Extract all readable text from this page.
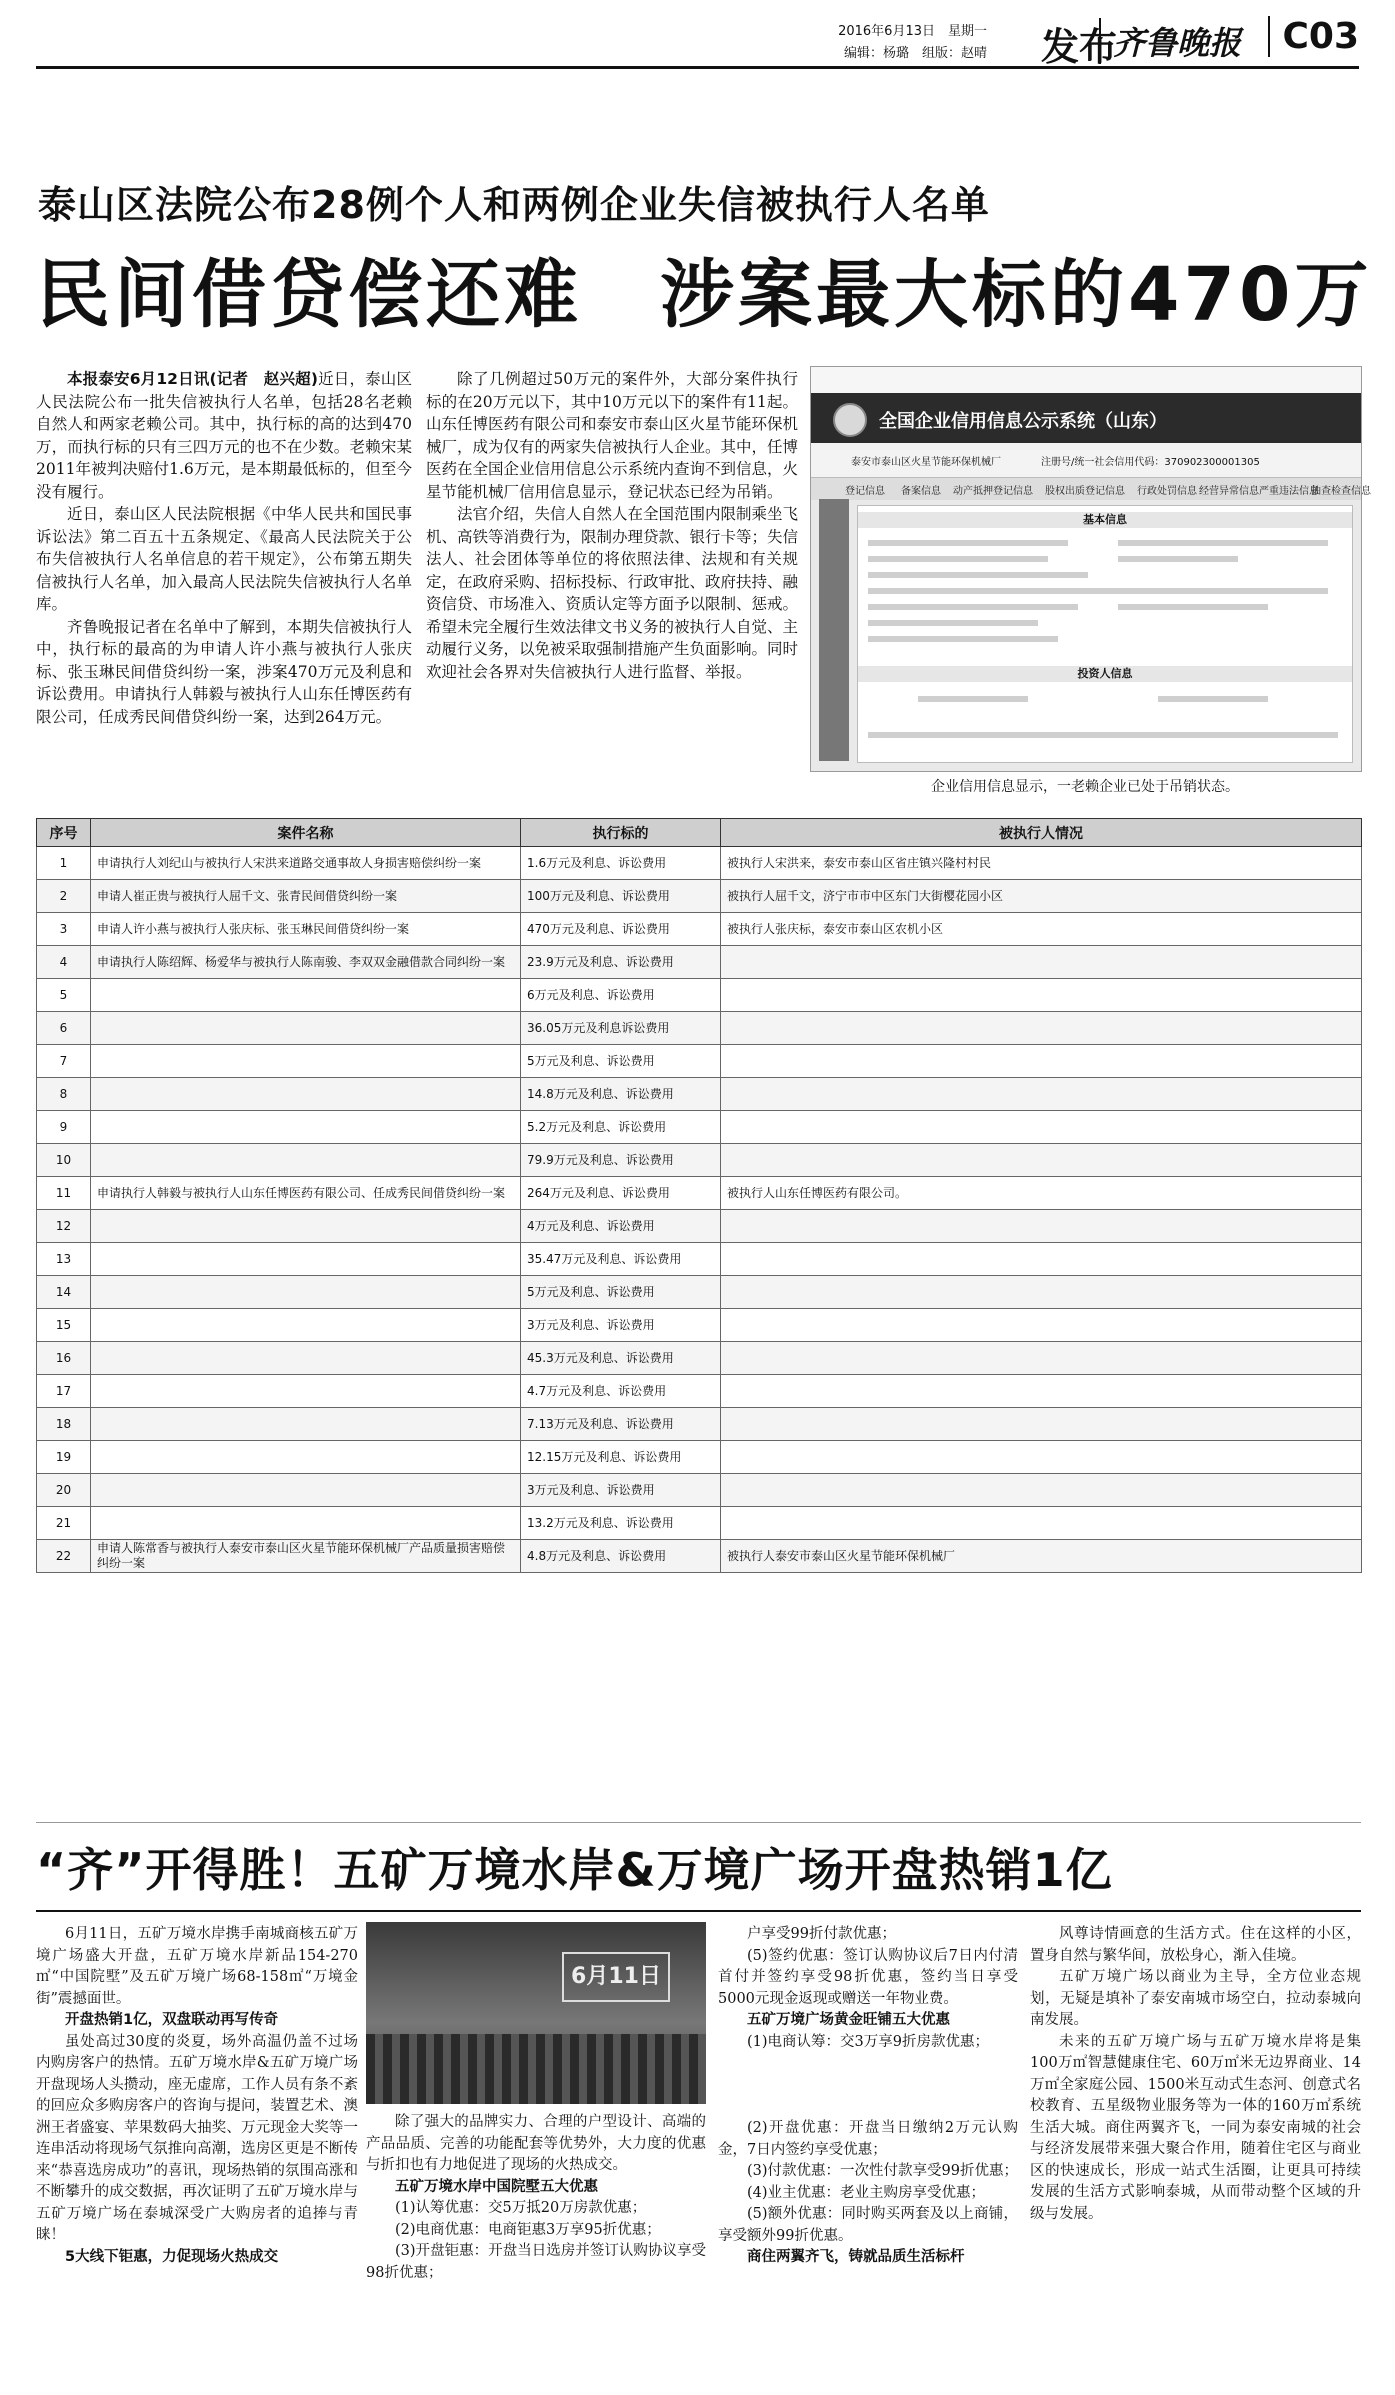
2016年6月13日　星期一
编辑：杨璐　组版：赵晴 发布
齐鲁晚报	C03
泰山区法院公布28例个人和两例企业失信被执行人名单
民间借贷偿还难　涉案最大标的470万

本报泰安6月12日讯(记者　赵兴超)近日，泰山区人民法院公布一批失信被执行人名单，包括28名老赖自然人和两家老赖公司。其中，执行标的高的达到470万，而执行标的只有三四万元的也不在少数。老赖宋某2011年被判决赔付1.6万元，是本期最低标的，但至今没有履行。

近日，泰山区人民法院根据《中华人民共和国民事诉讼法》第二百五十五条规定、《最高人民法院关于公布失信被执行人名单信息的若干规定》，公布第五期失信被执行人名单，加入最高人民法院失信被执行人名单库。

齐鲁晚报记者在名单中了解到，本期失信被执行人中，执行标的最高的为申请人许小燕与被执行人张庆标、张玉琳民间借贷纠纷一案，涉案470万元及利息和诉讼费用。申请执行人韩毅与被执行人山东任博医药有限公司，任成秀民间借贷纠纷一案，达到264万元。

除了几例超过50万元的案件外，大部分案件执行标的在20万元以下，其中10万元以下的案件有11起。山东任博医药有限公司和泰安市泰山区火星节能环保机械厂，成为仅有的两家失信被执行人企业。其中，任博医药在全国企业信用信息公示系统内查询不到信息，火星节能机械厂信用信息显示，登记状态已经为吊销。

法官介绍，失信人自然人在全国范围内限制乘坐飞机、高铁等消费行为，限制办理贷款、银行卡等；失信法人、社会团体等单位的将依照法律、法规和有关规定，在政府采购、招标投标、行政审批、政府扶持、融资信贷、市场准入、资质认定等方面予以限制、惩戒。希望未完全履行生效法律文书义务的被执行人自觉、主动履行义务，以免被采取强制措施产生负面影响。同时欢迎社会各界对失信被执行人进行监督、举报。

全国企业信用信息公示系统（山东）
泰安市泰山区火星节能环保机械厂	注册号/统一社会信用代码：370902300001305
登记信息 备案信息 动产抵押登记信息 股权出质登记信息 行政处罚信息 经营异常信息 严重违法信息
抽查检查信息
基本信息
投资人信息
企业信用信息显示，一老赖企业已处于吊销状态。
序号	案件名称	执行标的	被执行人情况
1	申请执行人刘纪山与被执行人宋洪来道路交通事故人身损害赔偿纠纷一案	1.6万元及利息、诉讼费用	被执行人宋洪来，泰安市泰山区省庄镇兴隆村村民
2	申请人崔正贵与被执行人屈千文、张青民间借贷纠纷一案	100万元及利息、诉讼费用	被执行人屈千文，济宁市市中区东门大街樱花园小区
3	申请人许小燕与被执行人张庆标、张玉琳民间借贷纠纷一案	470万元及利息、诉讼费用	被执行人张庆标，泰安市泰山区农机小区
4	申请执行人陈绍辉、杨爱华与被执行人陈南骏、李双双金融借款合同纠纷一案	23.9万元及利息、诉讼费用	
5		6万元及利息、诉讼费用	
6		36.05万元及利息诉讼费用	
7		5万元及利息、诉讼费用	
8		14.8万元及利息、诉讼费用	
9		5.2万元及利息、诉讼费用	
10		79.9万元及利息、诉讼费用	
11	申请执行人韩毅与被执行人山东任博医药有限公司、任成秀民间借贷纠纷一案	264万元及利息、诉讼费用	被执行人山东任博医药有限公司。
12		4万元及利息、诉讼费用	
13		35.47万元及利息、诉讼费用	
14		5万元及利息、诉讼费用	
15		3万元及利息、诉讼费用	
16		45.3万元及利息、诉讼费用	
17		4.7万元及利息、诉讼费用	
18		7.13万元及利息、诉讼费用	
19		12.15万元及利息、诉讼费用	
20		3万元及利息、诉讼费用	
21		13.2万元及利息、诉讼费用	
22	申请人陈常香与被执行人泰安市泰山区火星节能环保机械厂产品质量损害赔偿纠纷一案	4.8万元及利息、诉讼费用	被执行人泰安市泰山区火星节能环保机械厂
“齐”开得胜！五矿万境水岸&万境广场开盘热销1亿

6月11日，五矿万境水岸携手南城商核五矿万境广场盛大开盘，五矿万境水岸新品154-270㎡“中国院墅”及五矿万境广场68-158㎡“万境金街”震撼面世。

开盘热销1亿，双盘联动再写传奇

虽处高过30度的炎夏，场外高温仍盖不过场内购房客户的热情。五矿万境水岸&五矿万境广场开盘现场人头攒动，座无虚席，工作人员有条不紊的回应众多购房客户的咨询与提问，装置艺术、澳洲王者盛宴、苹果数码大抽奖、万元现金大奖等一连串活动将现场气氛推向高潮，选房区更是不断传来“恭喜选房成功”的喜讯，现场热销的氛围高涨和不断攀升的成交数据，再次证明了五矿万境水岸与五矿万境广场在泰城深受广大购房者的追捧与青睐！

5大线下钜惠，力促现场火热成交

6月11日

除了强大的品牌实力、合理的户型设计、高端的产品品质、完善的功能配套等优势外，大力度的优惠与折扣也有力地促进了现场的火热成交。

五矿万境水岸中国院墅五大优惠

(1)认筹优惠：交5万抵20万房款优惠；

(2)电商优惠：电商钜惠3万享95折优惠；

(3)开盘钜惠：开盘当日选房并签订认购协议享受98折优惠；

户享受99折付款优惠；

(5)签约优惠：签订认购协议后7日内付清首付并签约享受98折优惠，签约当日享受5000元现金返现或赠送一年物业费。

五矿万境广场黄金旺铺五大优惠

(1)电商认筹：交3万享9折房款优惠；

(2)开盘优惠：开盘当日缴纳2万元认购金，7日内签约享受优惠；

(3)付款优惠：一次性付款享受99折优惠；

(4)业主优惠：老业主购房享受优惠；

(5)额外优惠：同时购买两套及以上商铺，享受额外99折优惠。

商住两翼齐飞，铸就品质生活标杆

风尊诗情画意的生活方式。住在这样的小区，置身自然与繁华间，放松身心，渐入佳境。

五矿万境广场以商业为主导，全方位业态规划，无疑是填补了泰安南城市场空白，拉动泰城向南发展。

未来的五矿万境广场与五矿万境水岸将是集100万㎡智慧健康住宅、60万㎡米无边界商业、14万㎡全家庭公园、1500米互动式生态河、创意式名校教育、五星级物业服务等为一体的160万㎡系统生活大城。商住两翼齐飞，一同为泰安南城的社会与经济发展带来强大聚合作用，随着住宅区与商业区的快速成长，形成一站式生活圈，让更具可持续发展的生活方式影响泰城，从而带动整个区域的升级与发展。
